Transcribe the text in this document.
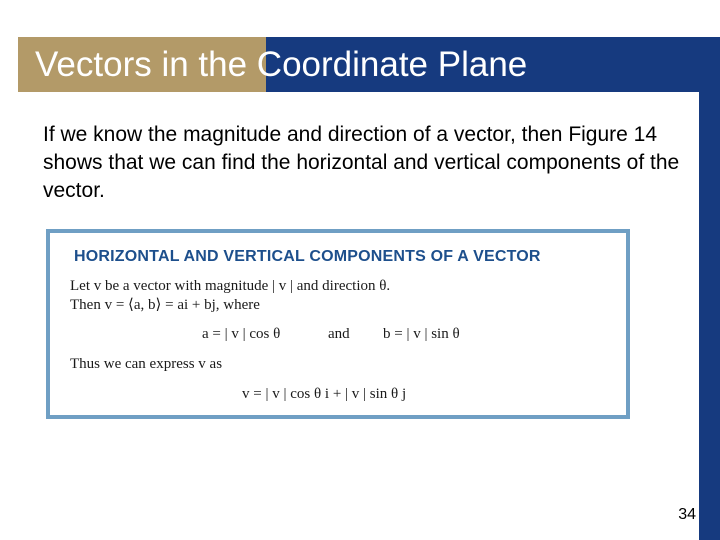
Vectors in the Coordinate Plane

If we know the magnitude and direction of a vector, then Figure 14 shows that we can find the horizontal and vertical components of the vector.

HORIZONTAL AND VERTICAL COMPONENTS OF A VECTOR
Let v be a vector with magnitude | v | and direction θ.
Then v = ⟨a, b⟩ = ai + bj, where
a = | v | cos θ	and b = | v | sin θ
Thus we can express v as
v = | v | cos θ i + | v | sin θ j
34
